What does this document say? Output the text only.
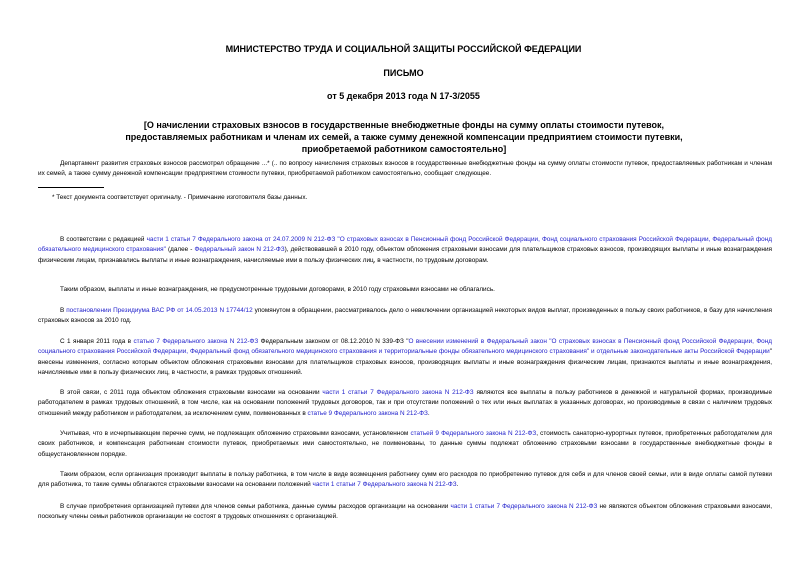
МИНИСТЕРСТВО ТРУДА И СОЦИАЛЬНОЙ ЗАЩИТЫ РОССИЙСКОЙ ФЕДЕРАЦИИ
ПИСЬМО
от 5 декабря 2013 года N 17-3/2055
[О начислении страховых взносов в государственные внебюджетные фонды на сумму оплаты стоимости путевок, предоставляемых работникам и членам их семей, а также сумму денежной компенсации предприятием стоимости путевки, приобретаемой работником самостоятельно]
Департамент развития страховых взносов рассмотрел обращение ...* (.. по вопросу начисления страховых взносов в государственные внебюджетные фонды на сумму оплаты стоимости путевок, предоставляемых работникам и членам их семей, а также сумму денежной компенсации предприятием стоимости путевки, приобретаемой работником самостоятельно, сообщает следующее.
* Текст документа соответствует оригиналу. - Примечание изготовителя базы данных.
В соответствии с редакцией части 1 статьи 7 Федерального закона от 24.07.2009 N 212-ФЗ "О страховых взносах в Пенсионный фонд Российской Федерации, Фонд социального страхования Российской Федерации, Федеральный фонд обязательного медицинского страхования" (далее - Федеральный закон N 212-ФЗ), действовавшей в 2010 году, объектом обложения страховыми взносами для плательщиков страховых взносов, производящих выплаты и иные вознаграждения физическим лицам, признавались выплаты и иные вознаграждения, начисляемые ими в пользу физических лиц, в частности, по трудовым договорам.
Таким образом, выплаты и иные вознаграждения, не предусмотренные трудовыми договорами, в 2010 году страховыми взносами не облагались.
В постановлении Президиума ВАС РФ от 14.05.2013 N 17744/12 упомянутом в обращении, рассматривалось дело о невключении организацией некоторых видов выплат, произведенных в пользу своих работников, в базу для начисления страховых взносов за 2010 год.
С 1 января 2011 года в статью 7 Федерального закона N 212-ФЗ Федеральным законом от 08.12.2010 N 339-ФЗ "О внесении изменений в Федеральный закон "О страховых взносах в Пенсионный фонд Российской Федерации, Фонд социального страхования Российской Федерации, Федеральный фонд обязательного медицинского страхования и территориальные фонды обязательного медицинского страхования" и отдельные законодательные акты Российской Федерации" внесены изменения, согласно которым объектом обложения страховыми взносами для плательщиков страховых взносов, производящих выплаты и иные вознаграждения физическим лицам, признаются выплаты и иные вознаграждения, начисляемые ими в пользу физических лиц, в частности, в рамках трудовых отношений.
В этой связи, с 2011 года объектом обложения страховыми взносами на основании части 1 статьи 7 Федерального закона N 212-ФЗ являются все выплаты в пользу работников в денежной и натуральной формах, производимые работодателем в рамках трудовых отношений, в том числе, как на основании положений трудовых договоров, так и при отсутствии положений о тех или иных выплатах в указанных договорах, но производимые в связи с наличием трудовых отношений между работником и работодателем, за исключением сумм, поименованных в статье 9 Федерального закона N 212-ФЗ.
Учитывая, что в исчерпывающем перечне сумм, не подлежащих обложению страховыми взносами, установленном статьей 9 Федерального закона N 212-ФЗ, стоимость санаторно-курортных путевок, приобретенных работодателем для своих работников, и компенсация работникам стоимости путевок, приобретаемых ими самостоятельно, не поименованы, то данные суммы подлежат обложению страховыми взносами в государственные внебюджетные фонды в общеустановленном порядке.
Таким образом, если организация производит выплаты в пользу работника, в том числе в виде возмещения работнику сумм его расходов по приобретению путевок для себя и для членов своей семьи, или в виде оплаты самой путевки для работника, то такие суммы облагаются страховыми взносами на основании положений части 1 статьи 7 Федерального закона N 212-ФЗ.
В случае приобретения организацией путевки для членов семьи работника, данные суммы расходов организации на основании части 1 статьи 7 Федерального закона N 212-ФЗ не являются объектом обложения страховыми взносами, поскольку члены семьи работников организации не состоят в трудовых отношениях с организацией.
